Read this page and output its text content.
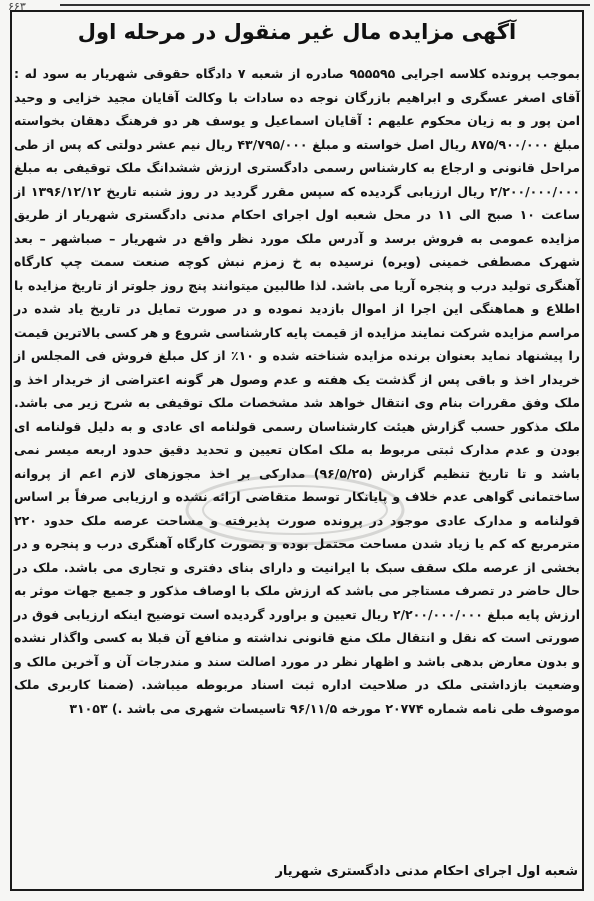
۶۶۳
آگهی مزایده مال غیر منقول در مرحله اول
بموجب پرونده کلاسه اجرایی ۹۵۵۵۹۵ صادره از شعبه ۷ دادگاه حقوقی شهریار به سود له : آقای اصغر عسگری و ابراهیم بازرگان نوجه ده سادات با وکالت آقایان مجید خزایی و وحید امن پور و به زیان محکوم علیهم : آقایان اسماعیل و یوسف هر دو فرهنگ دهقان بخواسته مبلغ ۸۷۵/۹۰۰/۰۰۰ ریال اصل خواسته و مبلغ ۴۳/۷۹۵/۰۰۰ ریال نیم عشر دولتی که پس از طی مراحل قانونی و ارجاع به کارشناس رسمی دادگستری ارزش ششدانگ ملک توقیفی به مبلغ ۲/۲۰۰/۰۰۰/۰۰۰ ریال ارزیابی گردیده که سپس مقرر گردید در روز شنبه تاریخ ۱۳۹۶/۱۲/۱۲ از ساعت ۱۰ صبح الی ۱۱ در محل شعبه اول اجرای احکام مدنی دادگستری شهریار از طریق مزایده عمومی به فروش برسد و آدرس ملک مورد نظر واقع در شهریار – صباشهر – بعد شهرک مصطفی خمینی (ویره) نرسیده به خ زمزم نبش کوچه صنعت سمت چپ کارگاه آهنگری تولید درب و پنجره آریا می باشد. لذا طالبین میتوانند پنج روز جلوتر از تاریخ مزایده با اطلاع و هماهنگی این اجرا از اموال بازدید نموده و در صورت تمایل در تاریخ یاد شده در مراسم مزایده شرکت نمایند مزایده از قیمت پایه کارشناسی شروع و هر کسی بالاترین قیمت را پیشنهاد نماید بعنوان برنده مزایده شناخته شده و ۱۰٪ از کل مبلغ فروش فی المجلس از خریدار اخذ و باقی پس از گذشت یک هفته و عدم وصول هر گونه اعتراضی از خریدار اخذ و ملک وفق مقررات بنام وی انتقال خواهد شد مشخصات ملک توقیفی به شرح زیر می باشد. ملک مذکور حسب گزارش هیئت کارشناسان رسمی قولنامه ای عادی و به دلیل قولنامه ای بودن و عدم مدارک ثبتی مربوط به ملک امکان تعیین و تحدید دقیق حدود اربعه میسر نمی باشد و تا تاریخ تنظیم گزارش (۹۶/۵/۲۵) مدارکی بر اخذ مجوزهای لازم اعم از پروانه ساختمانی گواهی عدم خلاف و پایانکار توسط متقاضی ارائه نشده و ارزیابی صرفاً بر اساس قولنامه و مدارک عادی موجود در پرونده صورت پذیرفته و مساحت عرصه ملک حدود ۲۲۰ مترمربع که کم یا زیاد شدن مساحت محتمل بوده و بصورت کارگاه آهنگری درب و پنجره و در بخشی از عرصه ملک سقف سبک با ایرانیت و دارای بنای دفتری و تجاری می باشد. ملک در حال حاضر در تصرف مستاجر می باشد که ارزش ملک با اوصاف مذکور و جمیع جهات موثر به ارزش پایه مبلغ ۲/۲۰۰/۰۰۰/۰۰۰ ریال تعیین و براورد گردیده است توضیح اینکه ارزیابی فوق در صورتی است که نقل و انتقال ملک منع قانونی نداشته و منافع آن قبلا به کسی واگذار نشده و بدون معارض بدهی باشد و اظهار نظر در مورد اصالت سند و مندرجات آن و آخرین مالک و وضعیت بازداشتی ملک در صلاحیت اداره ثبت اسناد مربوطه میباشد. (ضمنا کاربری ملک موصوف طی نامه شماره ۲۰۷۷۴ مورخه ۹۶/۱۱/۵ تاسیسات شهری می باشد .) ۳۱۰۵۳
شعبه اول اجرای احکام مدنی دادگستری شهریار
